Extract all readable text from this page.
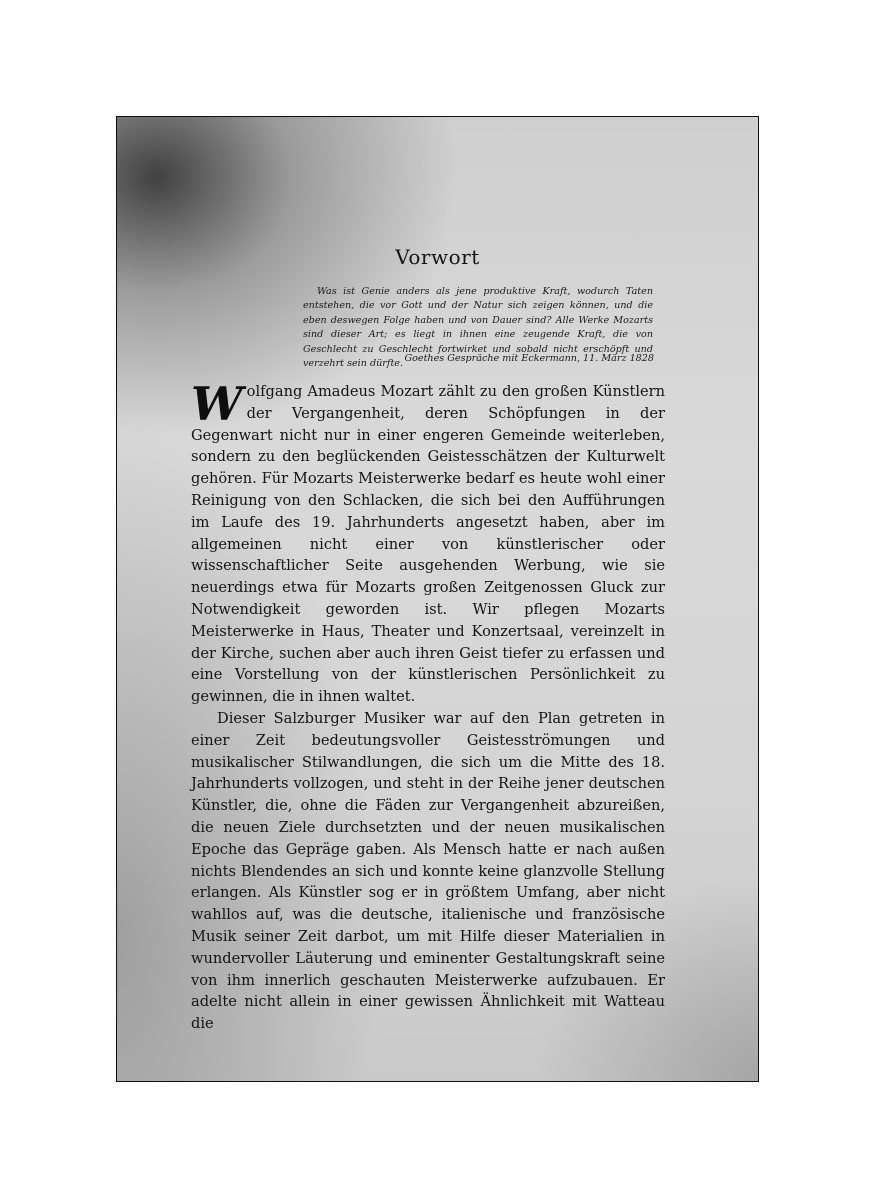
Vorwort
Was ist Genie anders als jene produktive Kraft, wodurch Taten entstehen, die vor Gott und der Natur sich zeigen können, und die eben deswegen Folge haben und von Dauer sind? Alle Werke Mozarts sind dieser Art; es liegt in ihnen eine zeugende Kraft, die von Geschlecht zu Geschlecht fortwirket und sobald nicht erschöpft und verzehrt sein dürfte. Goethes Gespräche mit Eckermann, 11. März 1828

Wolfgang Amadeus Mozart zählt zu den großen Künstlern der Vergangenheit, deren Schöpfungen in der Gegenwart nicht nur in einer engeren Gemeinde weiterleben, sondern zu den beglückenden Geistesschätzen der Kulturwelt gehören. Für Mozarts Meisterwerke bedarf es heute wohl einer Reinigung von den Schlacken, die sich bei den Aufführungen im Laufe des 19. Jahrhunderts angesetzt haben, aber im allgemeinen nicht einer von künstlerischer oder wissenschaftlicher Seite ausgehenden Werbung, wie sie neuerdings etwa für Mozarts großen Zeitgenossen Gluck zur Notwendigkeit geworden ist. Wir pflegen Mozarts Meisterwerke in Haus, Theater und Konzertsaal, vereinzelt in der Kirche, suchen aber auch ihren Geist tiefer zu erfassen und eine Vorstellung von der künstlerischen Persönlichkeit zu gewinnen, die in ihnen waltet.

Dieser Salzburger Musiker war auf den Plan getreten in einer Zeit bedeutungsvoller Geistesströmungen und musikalischer Stilwandlungen, die sich um die Mitte des 18. Jahrhunderts vollzogen, und steht in der Reihe jener deutschen Künstler, die, ohne die Fäden zur Vergangenheit abzureißen, die neuen Ziele durchsetzten und der neuen musikalischen Epoche das Gepräge gaben. Als Mensch hatte er nach außen nichts Blendendes an sich und konnte keine glanzvolle Stellung erlangen. Als Künstler sog er in größtem Umfang, aber nicht wahllos auf, was die deutsche, italienische und französische Musik seiner Zeit darbot, um mit Hilfe dieser Materialien in wundervoller Läuterung und eminenter Gestaltungskraft seine von ihm innerlich geschauten Meisterwerke aufzubauen. Er adelte nicht allein in einer gewissen Ähnlichkeit mit Watteau die
